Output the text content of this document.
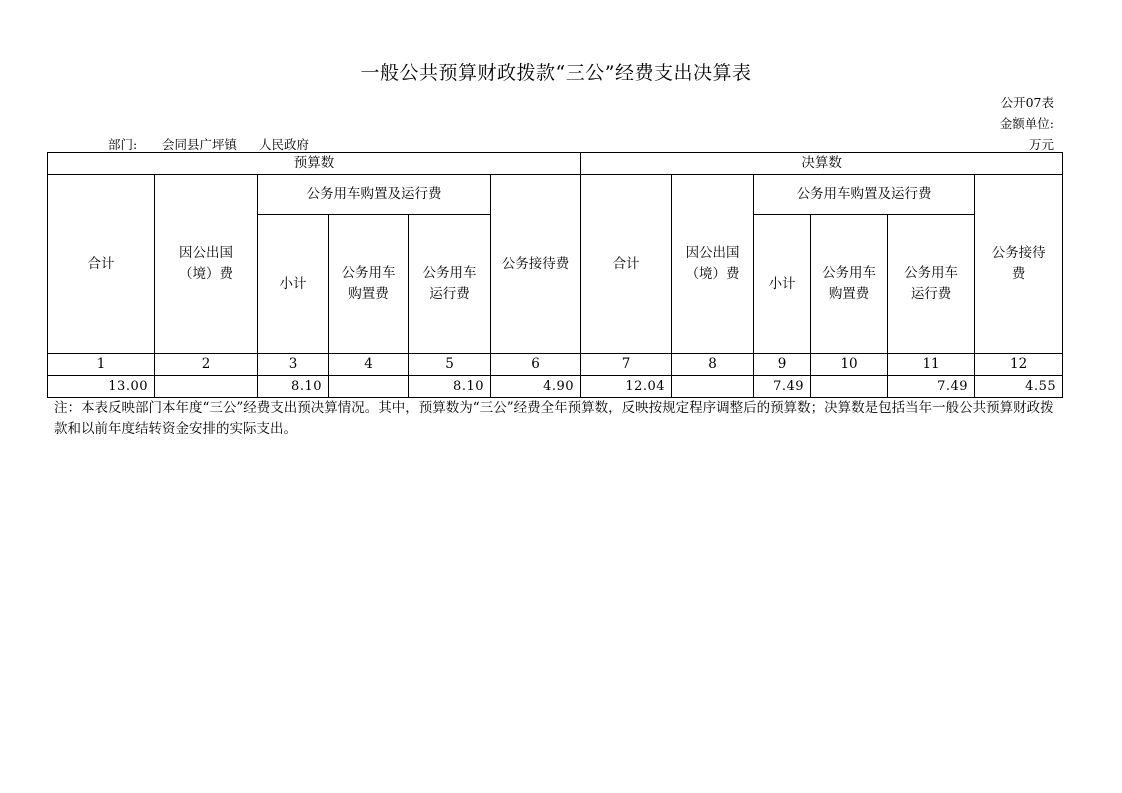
一般公共预算财政拨款“三公”经费支出决算表
公开07表
金额单位:
万元
部门: 会同县广坪镇 人民政府
预算数						决算数					
合计	因公出国（境）费	公务用车购置及运行费			公务接待费	合计	因公出国（境）费	公务用车购置及运行费			公务接待费
		小计	公务用车购置费	公务用车运行费				小计	公务用车购置费	公务用车运行费	
1	2	3	4	5	6	7	8	9	10	11	12
13.00		8.10		8.10	4.90	12.04		7.49		7.49	4.55
注：本表反映部门本年度“三公”经费支出预决算情况。其中，预算数为“三公”经费全年预算数，反映按规定程序调整后的预算数；决算数是包括当年一般公共预算财政拨款和以前年度结转资金安排的实际支出。
